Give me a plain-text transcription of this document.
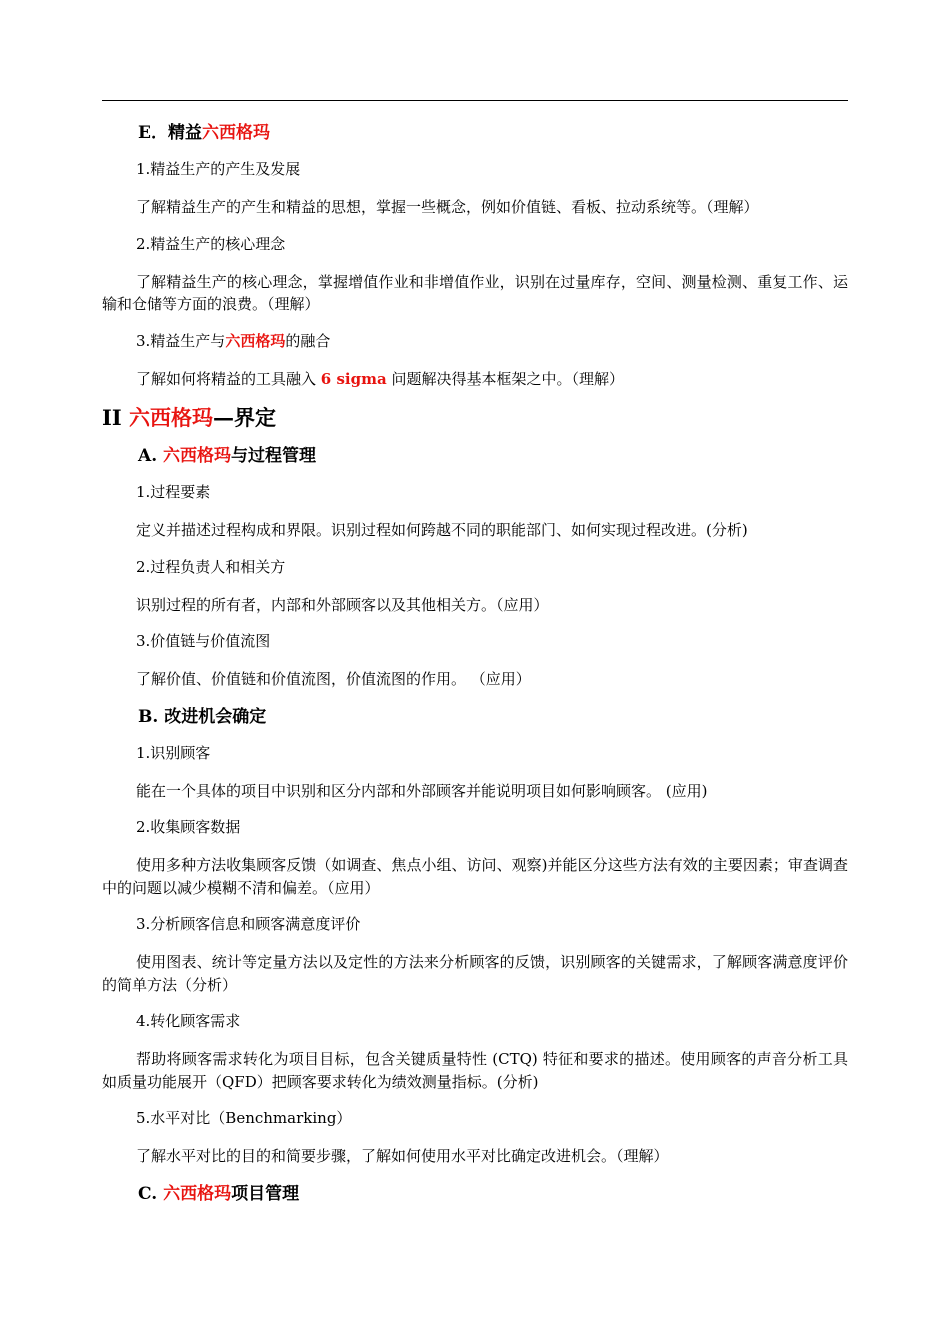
E．精益六西格玛
1.精益生产的产生及发展
了解精益生产的产生和精益的思想，掌握一些概念，例如价值链、看板、拉动系统等。（理解）
2.精益生产的核心理念
了解精益生产的核心理念，掌握增值作业和非增值作业，识别在过量库存，空间、测量检测、重复工作、运输和仓储等方面的浪费。（理解）
3.精益生产与六西格玛的融合
了解如何将精益的工具融入 6 sigma 问题解决得基本框架之中。（理解）
II 六西格玛—界定
A. 六西格玛与过程管理
1.过程要素
定义并描述过程构成和界限。识别过程如何跨越不同的职能部门、如何实现过程改进。(分析)
2.过程负责人和相关方
识别过程的所有者，内部和外部顾客以及其他相关方。（应用）
3.价值链与价值流图
了解价值、价值链和价值流图，价值流图的作用。 （应用）
B. 改进机会确定
1.识别顾客
能在一个具体的项目中识别和区分内部和外部顾客并能说明项目如何影响顾客。 (应用)
2.收集顾客数据
使用多种方法收集顾客反馈（如调查、焦点小组、访问、观察)并能区分这些方法有效的主要因素；审查调查中的问题以减少模糊不清和偏差。（应用）
3.分析顾客信息和顾客满意度评价
使用图表、统计等定量方法以及定性的方法来分析顾客的反馈，识别顾客的关键需求，了解顾客满意度评价的简单方法（分析）
4.转化顾客需求
帮助将顾客需求转化为项目目标，包含关键质量特性 (CTQ) 特征和要求的描述。使用顾客的声音分析工具如质量功能展开（QFD）把顾客要求转化为绩效测量指标。(分析)
5.水平对比（Benchmarking）
了解水平对比的目的和简要步骤，了解如何使用水平对比确定改进机会。（理解）
C. 六西格玛项目管理
